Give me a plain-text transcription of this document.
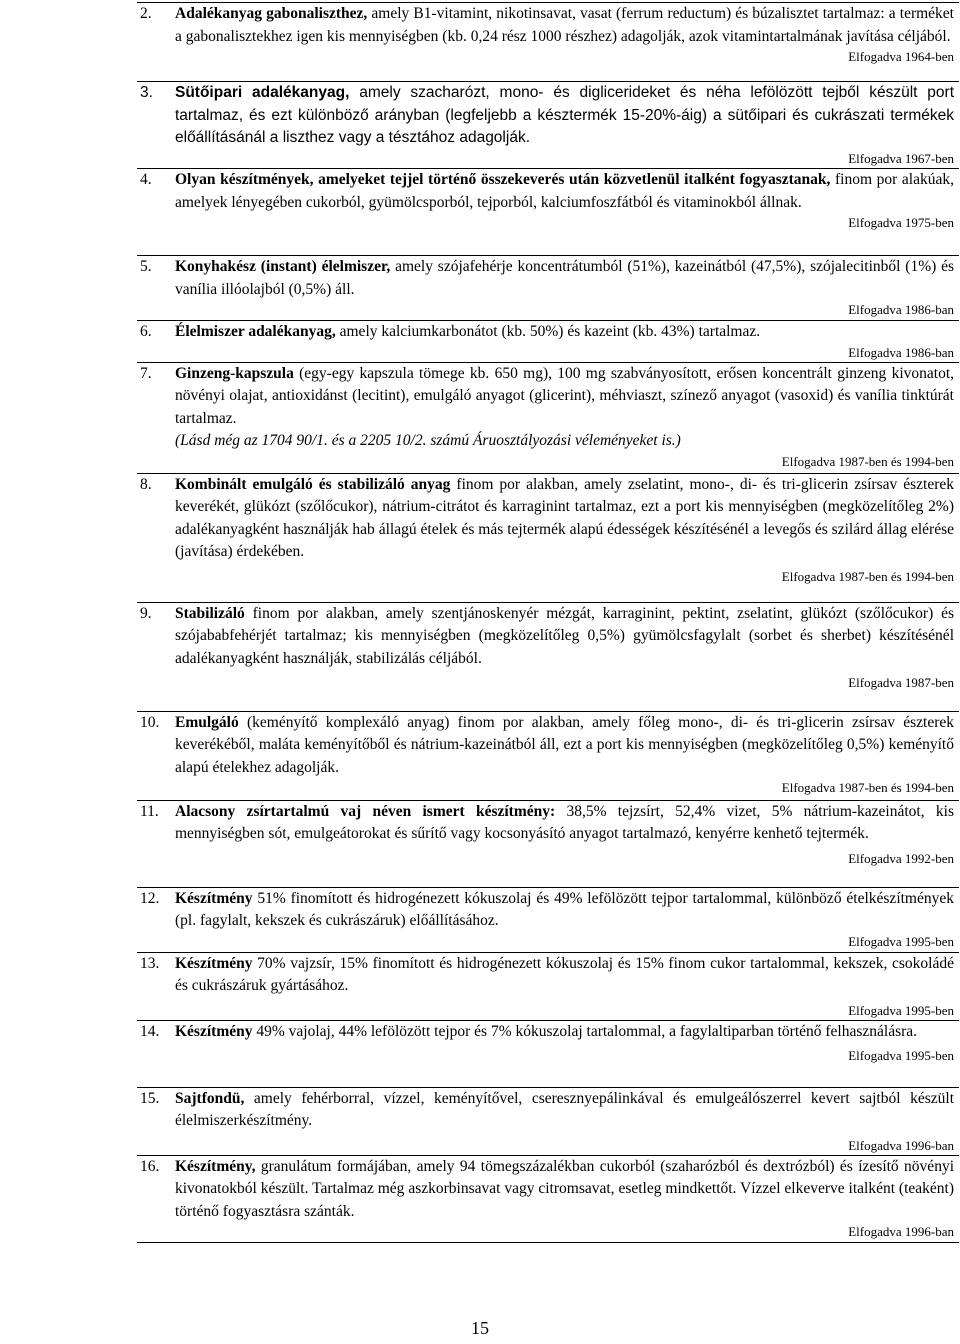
2.	Adalékanyag gabonaliszthez, amely B1-vitamint, nikotinsavat, vasat (ferrum reductum) és búzalisztet tartalmaz: a terméket a gabonalisztekhez igen kis mennyiségben (kb. 0,24 rész 1000 részhez) adagolják, azok vitamintartalmának javítása céljából.
Elfogadva 1964-ben
3.	Sütőipari adalékanyag, amely szacharózt, mono- és diglicerideket és néha lefölözött tejből készült port tartalmaz, és ezt különböző arányban (legfeljebb a késztermék 15-20%-áig) a sütőipari és cukrászati termékek előállításánál a liszthez vagy a tésztához adagolják.
Elfogadva 1967-ben
4.	Olyan készítmények, amelyeket tejjel történő összekeverés után közvetlenül italként fogyasztanak, finom por alakúak, amelyek lényegében cukorból, gyümölcsporból, tejporból, kalciumfoszfátból és vitaminokból állnak.
Elfogadva 1975-ben
5.	Konyhakész (instant) élelmiszer, amely szójafehérje koncentrátumból (51%), kazeinátból (47,5%), szójalecitinből (1%) és vanília illóolajból (0,5%) áll.
Elfogadva 1986-ban
6.	Élelmiszer adalékanyag, amely kalciumkarbonátot (kb. 50%) és kazeint (kb. 43%) tartalmaz.
Elfogadva 1986-ban
7.	Ginzeng-kapszula (egy-egy kapszula tömege kb. 650 mg), 100 mg szabványosított, erősen koncentrált ginzeng kivonatot, növényi olajat, antioxidánst (lecitint), emulgáló anyagot (glicerint), méhviaszt, színező anyagot (vasoxid) és vanília tinktúrát tartalmaz.
(Lásd még az 1704 90/1. és a 2205 10/2. számú Áruosztályozási véleményeket is.)
Elfogadva 1987-ben és 1994-ben
8.	Kombinált emulgáló és stabilizáló anyag finom por alakban, amely zselatint, mono-, di- és tri-glicerin zsírsav észterek keverékét, glükózt (szőlőcukor), nátrium-citrátot és karraginint tartalmaz, ezt a port kis mennyiségben (megközelítőleg 2%) adalékanyagként használják hab állagú ételek és más tejtermék alapú édességek készítésénél a levegős és szilárd állag elérése (javítása) érdekében.
Elfogadva 1987-ben és 1994-ben
9.	Stabilizáló finom por alakban, amely szentjánoskenyér mézgát, karraginint, pektint, zselatint, glükózt (szőlőcukor) és szójababfehérjét tartalmaz; kis mennyiségben (megközelítőleg 0,5%) gyümölcsfagylalt (sorbet és sherbet) készítésénél adalékanyagként használják, stabilizálás céljából.
Elfogadva 1987-ben
10.	Emulgáló (keményítő komplexáló anyag) finom por alakban, amely főleg mono-, di- és tri-glicerin zsírsav észterek keverékéből, maláta keményítőből és nátrium-kazeinátból áll, ezt a port kis mennyiségben (megközelítőleg 0,5%) keményítő alapú ételekhez adagolják.
Elfogadva 1987-ben és 1994-ben
11.	Alacsony zsírtartalmú vaj néven ismert készítmény: 38,5% tejzsírt, 52,4% vizet, 5% nátrium-kazeinátot, kis mennyiségben sót, emulgeátorokat és sűrítő vagy kocsonyásító anyagot tartalmazó, kenyérre kenhető tejtermék.
Elfogadva 1992-ben
12.	Készítmény 51% finomított és hidrogénezett kókuszolaj és 49% lefölözött tejpor tartalommal, különböző ételkészítmények (pl. fagylalt, kekszek és cukrászáruk) előállításához.
Elfogadva 1995-ben
13.	Készítmény 70% vajzsír, 15% finomított és hidrogénezett kókuszolaj és 15% finom cukor tartalommal, kekszek, csokoládé és cukrászáruk gyártásához.
Elfogadva 1995-ben
14.	Készítmény 49% vajolaj, 44% lefölözött tejpor és 7% kókuszolaj tartalommal, a fagylaltiparban történő felhasználásra.
Elfogadva 1995-ben
15.	Sajtfondü, amely fehérborral, vízzel, keményítővel, cseresznyepálinkával és emulgeálószerrel kevert sajtból készült élelmiszerkészítmény.
Elfogadva 1996-ban
16.	Készítmény, granulátum formájában, amely 94 tömegszázalékban cukorból (szaharózból és dextrózból) és ízesítő növényi kivonatokból készült. Tartalmaz még aszkorbinsavat vagy citromsavat, esetleg mindkettőt. Vízzel elkeverve italként (teaként) történő fogyasztásra szánták.
Elfogadva 1996-ban
15
